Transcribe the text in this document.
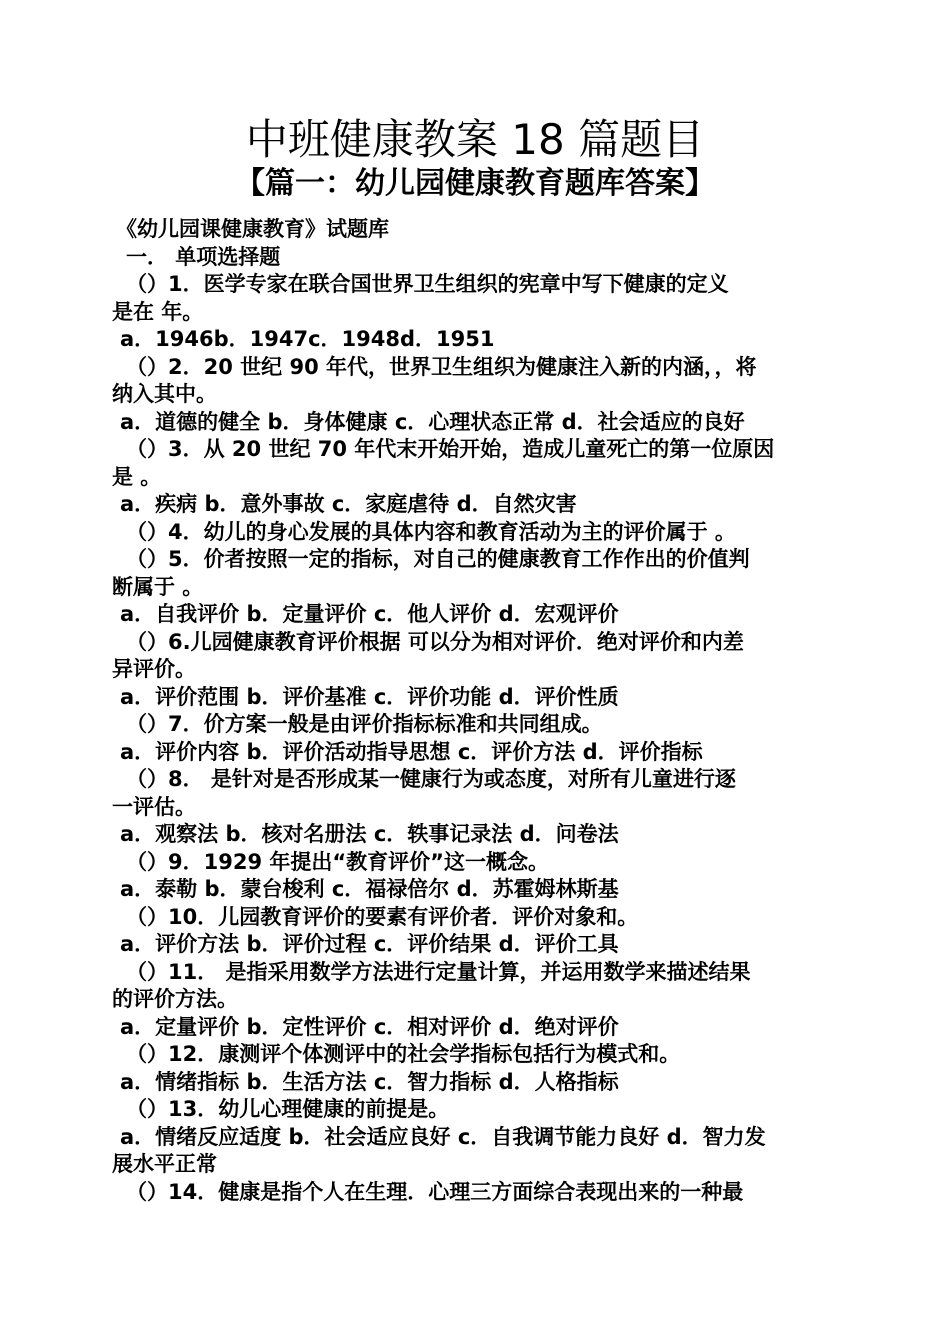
中班健康教案 18 篇题目
【篇一：幼儿园健康教育题库答案】
《幼儿园课健康教育》试题库
一． 单项选择题
（）1．医学专家在联合国世界卫生组织的宪章中写下健康的定义
是在 年。
a．1946b．1947c．1948d．1951
（）2．20 世纪 90 年代，世界卫生组织为健康注入新的内涵，，将
纳入其中。
a．道德的健全 b．身体健康 c．心理状态正常 d．社会适应的良好
（）3．从 20 世纪 70 年代末开始开始，造成儿童死亡的第一位原因
是 。
a．疾病 b．意外事故 c．家庭虐待 d．自然灾害
（）4．幼儿的身心发展的具体内容和教育活动为主的评价属于 。
（）5．价者按照一定的指标，对自己的健康教育工作作出的价值判
断属于 。
a．自我评价 b．定量评价 c．他人评价 d．宏观评价
（）6.儿园健康教育评价根据 可以分为相对评价．绝对评价和内差
异评价。
a．评价范围 b．评价基准 c．评价功能 d．评价性质
（）7．价方案一般是由评价指标标准和共同组成。
a．评价内容 b．评价活动指导思想 c．评价方法 d．评价指标
（）8． 是针对是否形成某一健康行为或态度，对所有儿童进行逐
一评估。
a．观察法 b．核对名册法 c．轶事记录法 d．问卷法
（）9．1929 年提出“教育评价”这一概念。
a．泰勒 b．蒙台梭利 c．福禄倍尔 d．苏霍姆林斯基
（）10．儿园教育评价的要素有评价者．评价对象和。
a．评价方法 b．评价过程 c．评价结果 d．评价工具
（）11． 是指采用数学方法进行定量计算，并运用数学来描述结果
的评价方法。
a．定量评价 b．定性评价 c．相对评价 d．绝对评价
（）12．康测评个体测评中的社会学指标包括行为模式和。
a．情绪指标 b．生活方法 c．智力指标 d．人格指标
（）13．幼儿心理健康的前提是。
a．情绪反应适度 b．社会适应良好 c．自我调节能力良好 d．智力发
展水平正常
（）14．健康是指个人在生理．心理三方面综合表现出来的一种最
